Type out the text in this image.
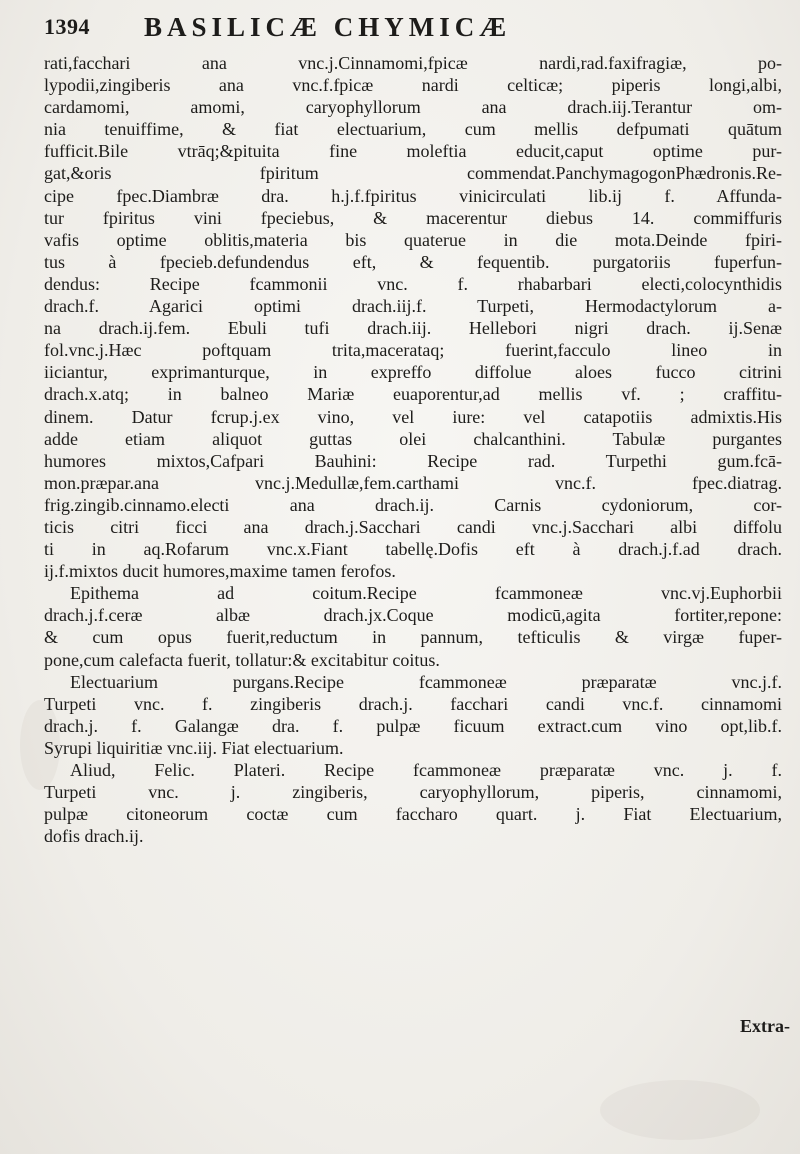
1394 BASILICÆ CHYMICÆ
rati,facchari ana vnc.j.Cinnamomi,fpicæ nardi,rad.faxifragiæ, po-
lypodii,zingiberis ana vnc.f.fpicæ nardi celticæ; piperis longi,albi,
cardamomi, amomi, caryophyllorum ana drach.iij.Terantur om-
nia tenuiffime, & fiat electuarium, cum mellis defpumati quātum
fufficit.Bile vtrāq;&pituita fine moleftia educit,caput optime pur-
gat,&oris fpiritum commendat.PanchymagogonPhædronis.Re-
cipe fpec.Diambræ dra. h.j.f.fpiritus vinicirculati lib.ij f. Affunda-
tur fpiritus vini fpeciebus, & macerentur diebus 14. commiffuris
vafis optime oblitis,materia bis quaterue in die mota.Deinde fpiri-
tus à fpecieb.defundendus eft, & fequentib. purgatoriis fuperfun-
dendus: Recipe fcammonii vnc. f. rhabarbari electi,colocynthidis
drach.f. Agarici optimi drach.iij.f. Turpeti, Hermodactylorum a-
na drach.ij.fem. Ebuli tufi drach.iij. Hellebori nigri drach. ij.Senæ
fol.vnc.j.Hæc poftquam trita,macerataq; fuerint,facculo lineo in
iiciantur, exprimanturque, in expreffo diffolue aloes fucco citrini
drach.x.atq; in balneo Mariæ euaporentur,ad mellis vf. ; craffitu-
dinem. Datur fcrup.j.ex vino, vel iure: vel catapotiis admixtis.His
adde etiam aliquot guttas olei chalcanthini. Tabulæ purgantes
humores mixtos,Cafpari Bauhini: Recipe rad. Turpethi gum.fcā-
mon.præpar.ana vnc.j.Medullæ,fem.carthami vnc.f. fpec.diatrag.
frig.zingib.cinnamo.electi ana drach.ij. Carnis cydoniorum, cor-
ticis citri ficci ana drach.j.Sacchari candi vnc.j.Sacchari albi diffolu
ti in aq.Rofarum vnc.x.Fiant tabellę.Dofis eft à drach.j.f.ad drach.
ij.f.mixtos ducit humores,maxime tamen ferofos.
Epithema ad coitum.Recipe fcammoneæ vnc.vj.Euphorbii
drach.j.f.ceræ albæ drach.jx.Coque modicū,agita fortiter,repone:
& cum opus fuerit,reductum in pannum, tefticulis & virgæ fuper-
pone,cum calefacta fuerit, tollatur:& excitabitur coitus.
Electuarium purgans.Recipe fcammoneæ præparatæ vnc.j.f.
Turpeti vnc. f. zingiberis drach.j. facchari candi vnc.f. cinnamomi
drach.j. f. Galangæ dra. f. pulpæ ficuum extract.cum vino opt,lib.f.
Syrupi liquiritiæ vnc.iij. Fiat electuarium.
Aliud, Felic. Plateri. Recipe fcammoneæ præparatæ vnc. j. f.
Turpeti vnc. j. zingiberis, caryophyllorum, piperis, cinnamomi,
pulpæ citoneorum coctæ cum faccharo quart. j. Fiat Electuarium,
dofis drach.ij.
Extra-
